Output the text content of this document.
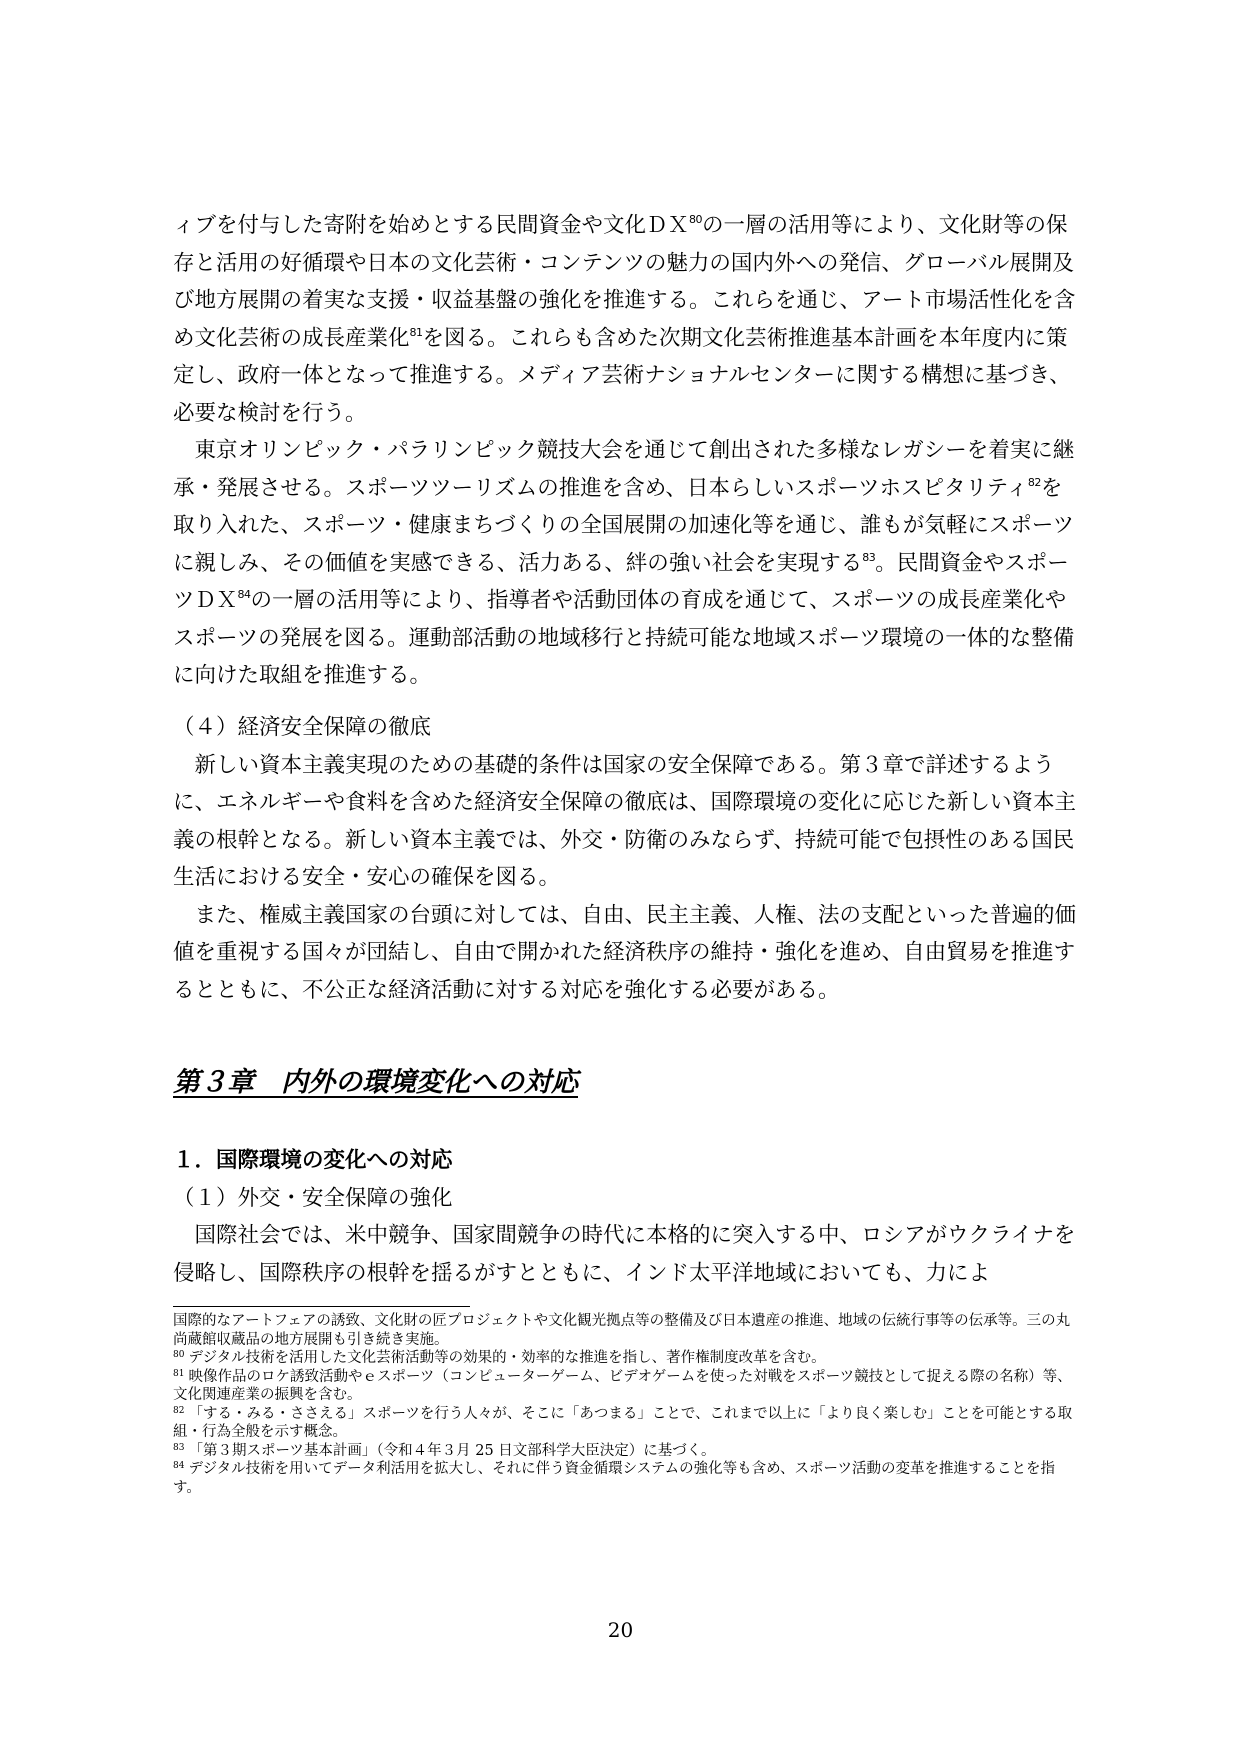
ィブを付与した寄附を始めとする民間資金や文化ＤＸ$^{80}$の一層の活用等により、文化財等の保存と活用の好循環や日本の文化芸術・コンテンツの魅力の国内外への発信、グローバル展開及び地方展開の着実な支援・収益基盤の強化を推進する。これらを通じ、アート市場活性化を含め文化芸術の成長産業化$^{81}$を図る。これらも含めた次期文化芸術推進基本計画を本年度内に策定し、政府一体となって推進する。メディア芸術ナショナルセンターに関する構想に基づき、必要な検討を行う。

東京オリンピック・パラリンピック競技大会を通じて創出された多様なレガシーを着実に継承・発展させる。スポーツツーリズムの推進を含め、日本らしいスポーツホスピタリティ$^{82}$を取り入れた、スポーツ・健康まちづくりの全国展開の加速化等を通じ、誰もが気軽にスポーツに親しみ、その価値を実感できる、活力ある、絆の強い社会を実現する$^{83}$。民間資金やスポーツＤＸ$^{84}$の一層の活用等により、指導者や活動団体の育成を通じて、スポーツの成長産業化やスポーツの発展を図る。運動部活動の地域移行と持続可能な地域スポーツ環境の一体的な整備に向けた取組を推進する。

（４）経済安全保障の徹底

新しい資本主義実現のための基礎的条件は国家の安全保障である。第３章で詳述するように、エネルギーや食料を含めた経済安全保障の徹底は、国際環境の変化に応じた新しい資本主義の根幹となる。新しい資本主義では、外交・防衛のみならず、持続可能で包摂性のある国民生活における安全・安心の確保を図る。

また、権威主義国家の台頭に対しては、自由、民主主義、人権、法の支配といった普遍的価値を重視する国々が団結し、自由で開かれた経済秩序の維持・強化を進め、自由貿易を推進するとともに、不公正な経済活動に対する対応を強化する必要がある。

第３章　内外の環境変化への対応

１．国際環境の変化への対応

（１）外交・安全保障の強化

国際社会では、米中競争、国家間競争の時代に本格的に突入する中、ロシアがウクライナを侵略し、国際秩序の根幹を揺るがすとともに、インド太平洋地域においても、力によ

国際的なアートフェアの誘致、文化財の匠プロジェクトや文化観光拠点等の整備及び日本遺産の推進、地域の伝統行事等の伝承等。三の丸尚蔵館収蔵品の地方展開も引き続き実施。

$^{80}$ デジタル技術を活用した文化芸術活動等の効果的・効率的な推進を指し、著作権制度改革を含む。

$^{81}$ 映像作品のロケ誘致活動やｅスポーツ（コンピューターゲーム、ビデオゲームを使った対戦をスポーツ競技として捉える際の名称）等、文化関連産業の振興を含む。

$^{82}$ 「する・みる・ささえる」スポーツを行う人々が、そこに「あつまる」ことで、これまで以上に「より良く楽しむ」ことを可能とする取組・行為全般を示す概念。

$^{83}$ 「第３期スポーツ基本計画」（令和４年３月 25 日文部科学大臣決定）に基づく。

$^{84}$ デジタル技術を用いてデータ利活用を拡大し、それに伴う資金循環システムの強化等も含め、スポーツ活動の変革を推進することを指す。

20
